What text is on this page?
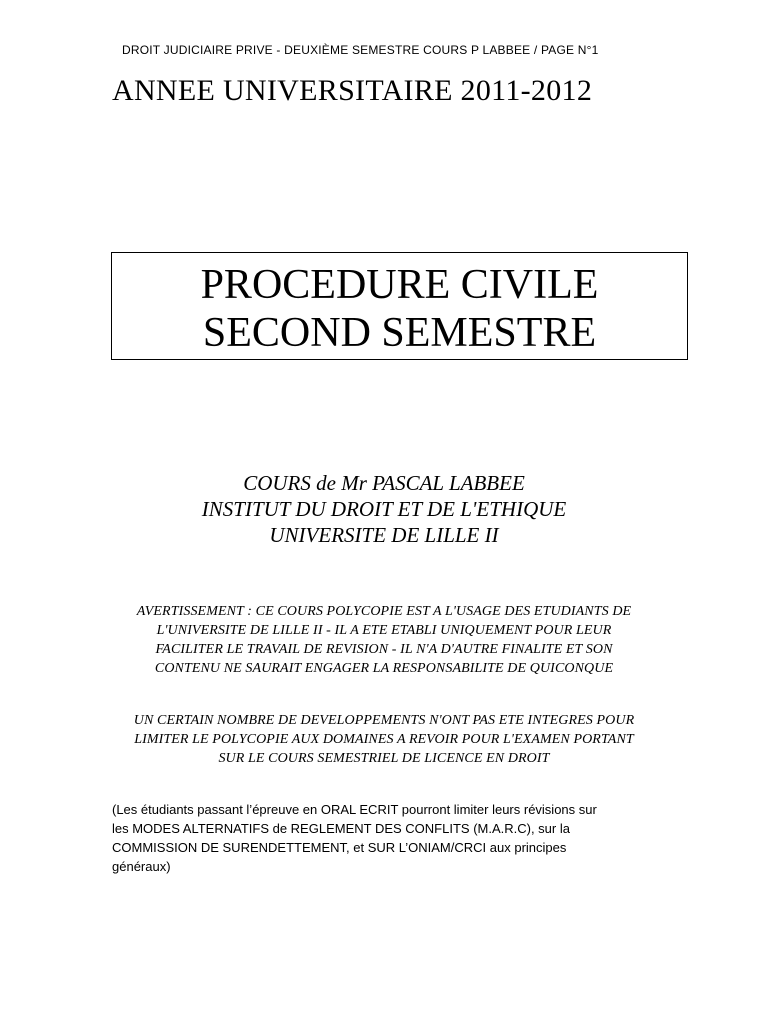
DROIT JUDICIAIRE PRIVE - DEUXIÈME SEMESTRE COURS P LABBEE / PAGE N°1
ANNEE UNIVERSITAIRE 2011-2012
PROCEDURE CIVILE
SECOND SEMESTRE
COURS de Mr PASCAL LABBEE
INSTITUT DU DROIT ET DE L'ETHIQUE
UNIVERSITE DE LILLE II
AVERTISSEMENT : CE COURS POLYCOPIE EST A L'USAGE DES ETUDIANTS DE
L'UNIVERSITE DE LILLE II - IL A ETE ETABLI UNIQUEMENT POUR LEUR
FACILITER LE TRAVAIL DE REVISION - IL N'A D'AUTRE FINALITE ET SON
CONTENU NE SAURAIT ENGAGER LA RESPONSABILITE DE QUICONQUE
UN CERTAIN NOMBRE DE DEVELOPPEMENTS N'ONT PAS ETE INTEGRES POUR
LIMITER LE POLYCOPIE AUX DOMAINES A REVOIR POUR L'EXAMEN PORTANT
SUR LE COURS SEMESTRIEL DE LICENCE EN DROIT
(Les étudiants passant l’épreuve en ORAL ECRIT pourront limiter leurs révisions sur
les MODES ALTERNATIFS de REGLEMENT DES CONFLITS (M.A.R.C), sur la
COMMISSION DE SURENDETTEMENT, et SUR L’ONIAM/CRCI aux principes
généraux)
